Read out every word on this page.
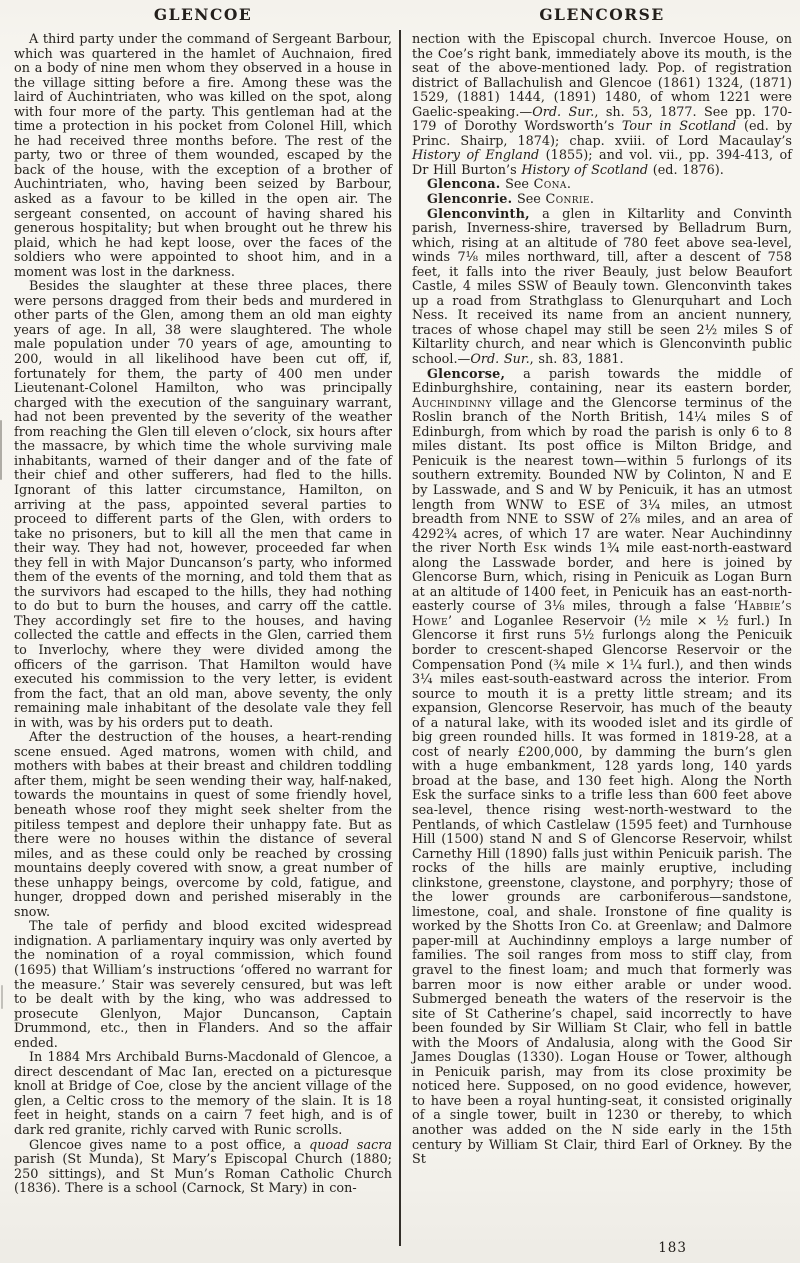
GLENCOE

A third party under the command of Sergeant Barbour, which was quartered in the hamlet of Auchnaion, fired on a body of nine men whom they observed in a house in the village sitting before a fire. Among these was the laird of Auchintriaten, who was killed on the spot, along with four more of the party. This gentleman had at the time a protection in his pocket from Colonel Hill, which he had received three months before. The rest of the party, two or three of them wounded, escaped by the back of the house, with the exception of a brother of Auchintriaten, who, having been seized by Barbour, asked as a favour to be killed in the open air. The sergeant consented, on account of having shared his generous hospitality; but when brought out he threw his plaid, which he had kept loose, over the faces of the soldiers who were appointed to shoot him, and in a moment was lost in the darkness.

Besides the slaughter at these three places, there were persons dragged from their beds and murdered in other parts of the Glen, among them an old man eighty years of age. In all, 38 were slaughtered. The whole male population under 70 years of age, amounting to 200, would in all likelihood have been cut off, if, fortunately for them, the party of 400 men under Lieutenant-Colonel Hamilton, who was principally charged with the execution of the sanguinary warrant, had not been prevented by the severity of the weather from reaching the Glen till eleven o’clock, six hours after the massacre, by which time the whole surviving male inhabitants, warned of their danger and of the fate of their chief and other sufferers, had fled to the hills. Ignorant of this latter circumstance, Hamilton, on arriving at the pass, appointed several parties to proceed to different parts of the Glen, with orders to take no prisoners, but to kill all the men that came in their way. They had not, however, proceeded far when they fell in with Major Duncanson’s party, who informed them of the events of the morning, and told them that as the survivors had escaped to the hills, they had nothing to do but to burn the houses, and carry off the cattle. They accordingly set fire to the houses, and having collected the cattle and effects in the Glen, carried them to Inverlochy, where they were divided among the officers of the garrison. That Hamilton would have executed his commission to the very letter, is evident from the fact, that an old man, above seventy, the only remaining male inhabitant of the desolate vale they fell in with, was by his orders put to death.

After the destruction of the houses, a heart-rending scene ensued. Aged matrons, women with child, and mothers with babes at their breast and children toddling after them, might be seen wending their way, half-naked, towards the mountains in quest of some friendly hovel, beneath whose roof they might seek shelter from the pitiless tempest and deplore their unhappy fate. But as there were no houses within the distance of several miles, and as these could only be reached by crossing mountains deeply covered with snow, a great number of these unhappy beings, overcome by cold, fatigue, and hunger, dropped down and perished miserably in the snow.

The tale of perfidy and blood excited widespread indignation. A parliamentary inquiry was only averted by the nomination of a royal commission, which found (1695) that William’s instructions ‘offered no warrant for the measure.’ Stair was severely censured, but was left to be dealt with by the king, who was addressed to prosecute Glenlyon, Major Duncanson, Captain Drummond, etc., then in Flanders. And so the affair ended.

In 1884 Mrs Archibald Burns-Macdonald of Glencoe, a direct descendant of Mac Ian, erected on a picturesque knoll at Bridge of Coe, close by the ancient village of the glen, a Celtic cross to the memory of the slain. It is 18 feet in height, stands on a cairn 7 feet high, and is of dark red granite, richly carved with Runic scrolls.

Glencoe gives name to a post office, a quoad sacra parish (St Munda), St Mary’s Episcopal Church (1880; 250 sittings), and St Mun’s Roman Catholic Church (1836). There is a school (Carnock, St Mary) in con-

GLENCORSE

nection with the Episcopal church. Invercoe House, on the Coe’s right bank, immediately above its mouth, is the seat of the above-mentioned lady. Pop. of registration district of Ballachulish and Glencoe (1861) 1324, (1871) 1529, (1881) 1444, (1891) 1480, of whom 1221 were Gaelic-speaking.—Ord. Sur., sh. 53, 1877. See pp. 170-179 of Dorothy Wordsworth’s Tour in Scotland (ed. by Princ. Shairp, 1874); chap. xviii. of Lord Macaulay’s History of England (1855); and vol. vii., pp. 394-413, of Dr Hill Burton’s History of Scotland (ed. 1876).

Glencona. See Cona.

Glenconrie. See Conrie.

Glenconvinth, a glen in Kiltarlity and Convinth parish, Inverness-shire, traversed by Belladrum Burn, which, rising at an altitude of 780 feet above sea-level, winds 7⅛ miles northward, till, after a descent of 758 feet, it falls into the river Beauly, just below Beaufort Castle, 4 miles SSW of Beauly town. Glenconvinth takes up a road from Strathglass to Glenurquhart and Loch Ness. It received its name from an ancient nunnery, traces of whose chapel may still be seen 2½ miles S of Kiltarlity church, and near which is Glenconvinth public school.—Ord. Sur., sh. 83, 1881.

Glencorse, a parish towards the middle of Edinburghshire, containing, near its eastern border, Auchindinny village and the Glencorse terminus of the Roslin branch of the North British, 14¼ miles S of Edinburgh, from which by road the parish is only 6 to 8 miles distant. Its post office is Milton Bridge, and Penicuik is the nearest town—within 5 furlongs of its southern extremity. Bounded NW by Colinton, N and E by Lasswade, and S and W by Penicuik, it has an utmost length from WNW to ESE of 3¼ miles, an utmost breadth from NNE to SSW of 2⅞ miles, and an area of 4292¾ acres, of which 17 are water. Near Auchindinny the river North Esk winds 1¾ mile east-north-eastward along the Lasswade border, and here is joined by Glencorse Burn, which, rising in Penicuik as Logan Burn at an altitude of 1400 feet, in Penicuik has an east-north-easterly course of 3⅛ miles, through a false ‘Habbie’s Howe’ and Loganlee Reservoir (½ mile × ½ furl.) In Glencorse it first runs 5½ furlongs along the Penicuik border to crescent-shaped Glencorse Reservoir or the Compensation Pond (¾ mile × 1¼ furl.), and then winds 3¼ miles east-south-eastward across the interior. From source to mouth it is a pretty little stream; and its expansion, Glencorse Reservoir, has much of the beauty of a natural lake, with its wooded islet and its girdle of big green rounded hills. It was formed in 1819-28, at a cost of nearly £200,000, by damming the burn’s glen with a huge embankment, 128 yards long, 140 yards broad at the base, and 130 feet high. Along the North Esk the surface sinks to a trifle less than 600 feet above sea-level, thence rising west-north-westward to the Pentlands, of which Castlelaw (1595 feet) and Turnhouse Hill (1500) stand N and S of Glencorse Reservoir, whilst Carnethy Hill (1890) falls just within Penicuik parish. The rocks of the hills are mainly eruptive, including clinkstone, greenstone, claystone, and porphyry; those of the lower grounds are carboniferous—sandstone, limestone, coal, and shale. Ironstone of fine quality is worked by the Shotts Iron Co. at Greenlaw; and Dalmore paper-mill at Auchindinny employs a large number of families. The soil ranges from moss to stiff clay, from gravel to the finest loam; and much that formerly was barren moor is now either arable or under wood. Submerged beneath the waters of the reservoir is the site of St Catherine’s chapel, said incorrectly to have been founded by Sir William St Clair, who fell in battle with the Moors of Andalusia, along with the Good Sir James Douglas (1330). Logan House or Tower, although in Penicuik parish, may from its close proximity be noticed here. Supposed, on no good evidence, however, to have been a royal hunting-seat, it consisted originally of a single tower, built in 1230 or thereby, to which another was added on the N side early in the 15th century by William St Clair, third Earl of Orkney. By the St

183
